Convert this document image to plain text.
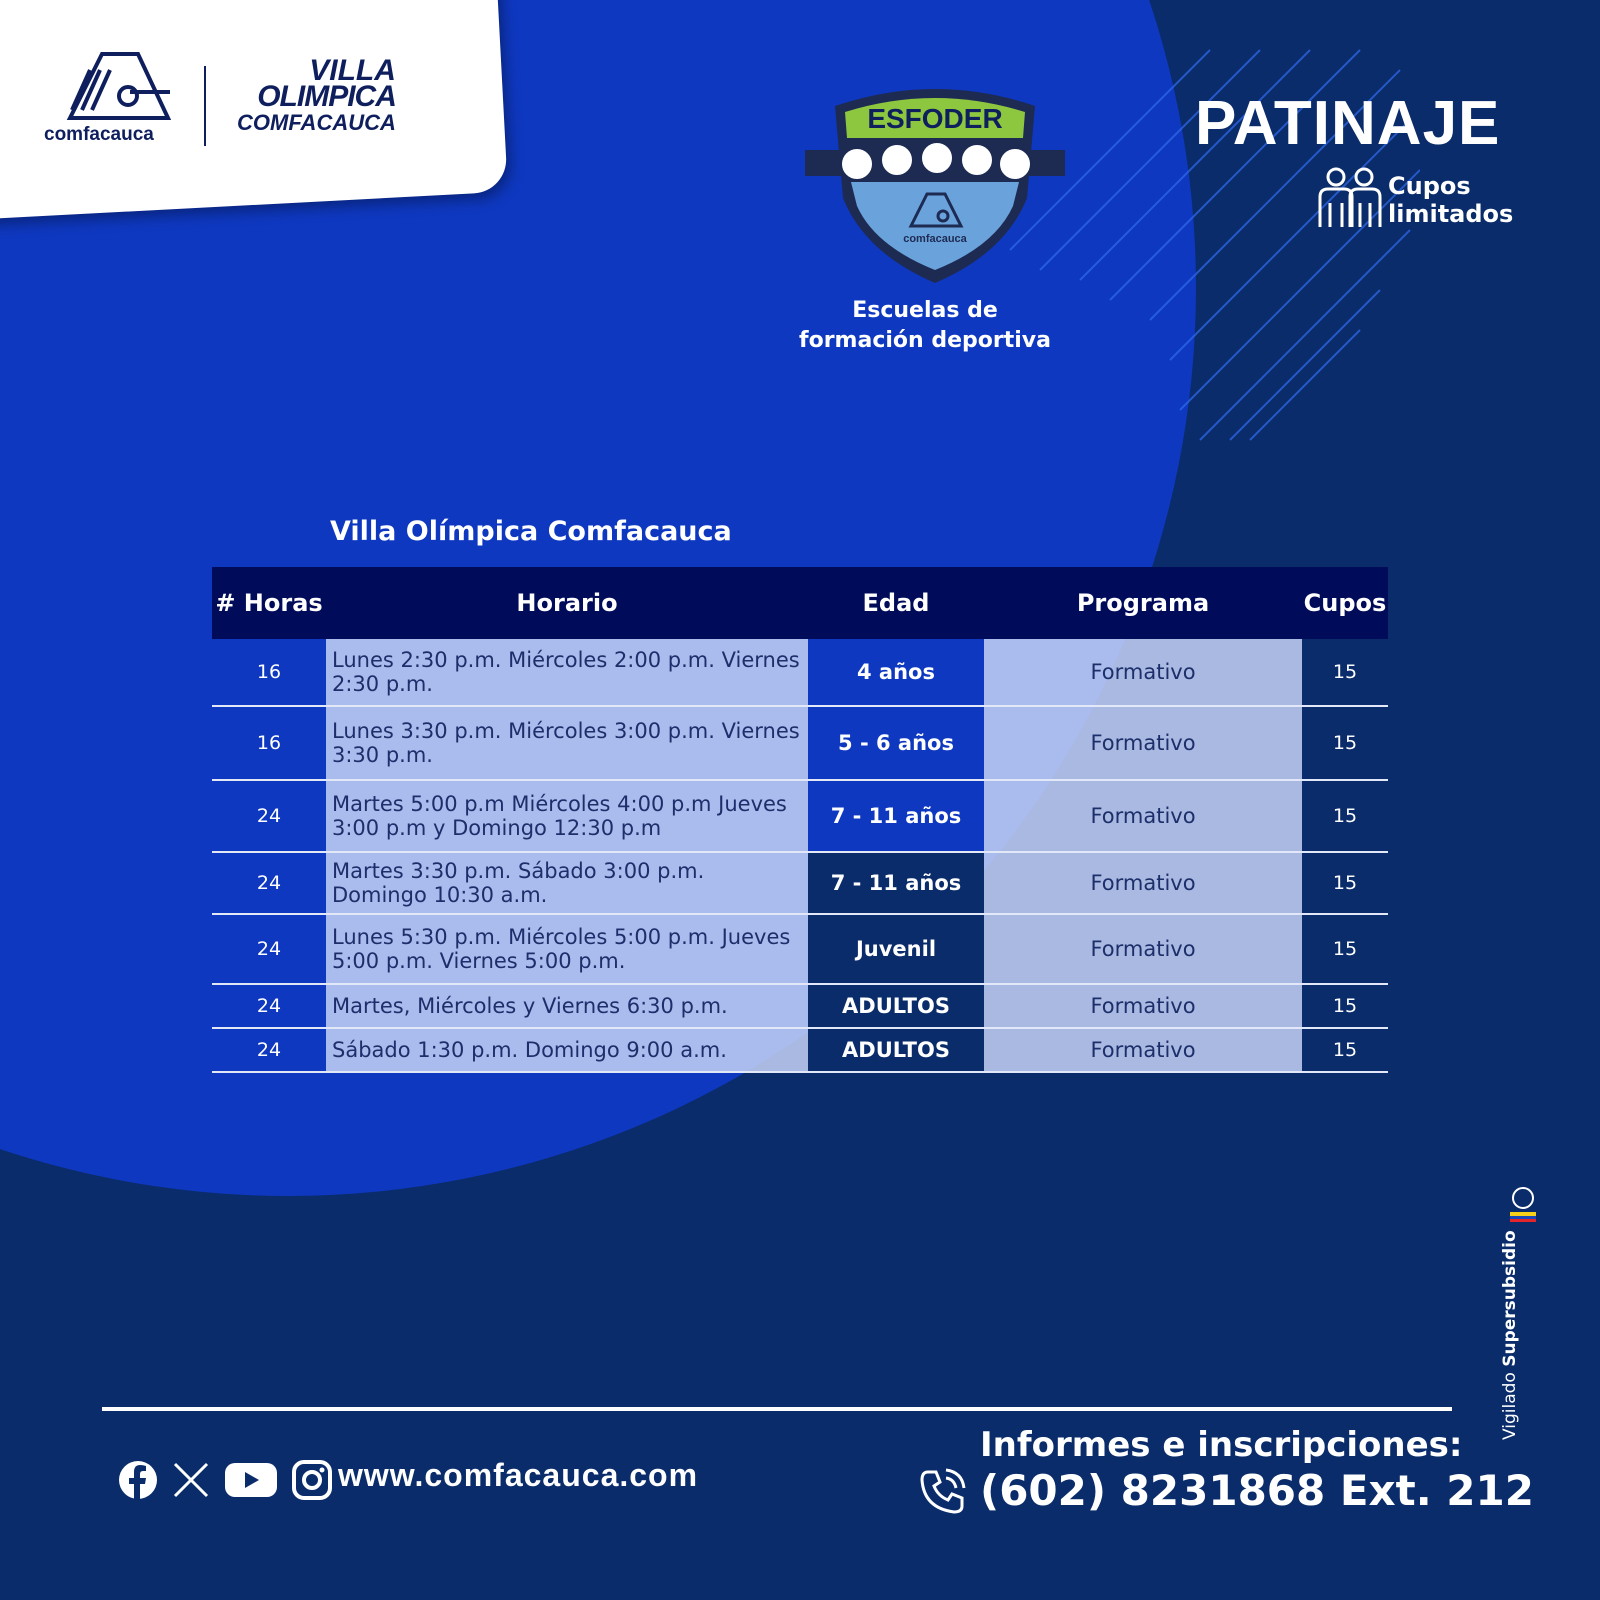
comfacauca
VILLA
OLIMPICA
COMFACAUCA	ESFODER
comfacauca
Escuelas de
formación deportiva
PATINAJE
Cupos
limitados
Villa Olímpica Comfacauca
# Horas	Horario	Edad	Programa	Cupos
16	Lunes 2:30 p.m. Miércoles 2:00 p.m. Viernes 2:30 p.m.	4 años	Formativo	15
16	Lunes 3:30 p.m. Miércoles 3:00 p.m. Viernes 3:30 p.m.	5 - 6 años	Formativo	15
24	Martes 5:00 p.m Miércoles 4:00 p.m Jueves 3:00 p.m y Domingo 12:30 p.m	7 - 11 años	Formativo	15
24	Martes 3:30 p.m. Sábado 3:00 p.m. Domingo 10:30 a.m.	7 - 11 años	Formativo	15
24	Lunes 5:30 p.m. Miércoles 5:00 p.m. Jueves 5:00 p.m. Viernes 5:00 p.m.	Juvenil	Formativo	15
24	Martes, Miércoles y Viernes 6:30 p.m.	ADULTOS	Formativo	15
24	Sábado 1:30 p.m. Domingo 9:00 a.m.	ADULTOS	Formativo	15
www.comfacauca.com
Informes e inscripciones:
(602) 8231868 Ext. 212
Vigilado Supersubsidio
